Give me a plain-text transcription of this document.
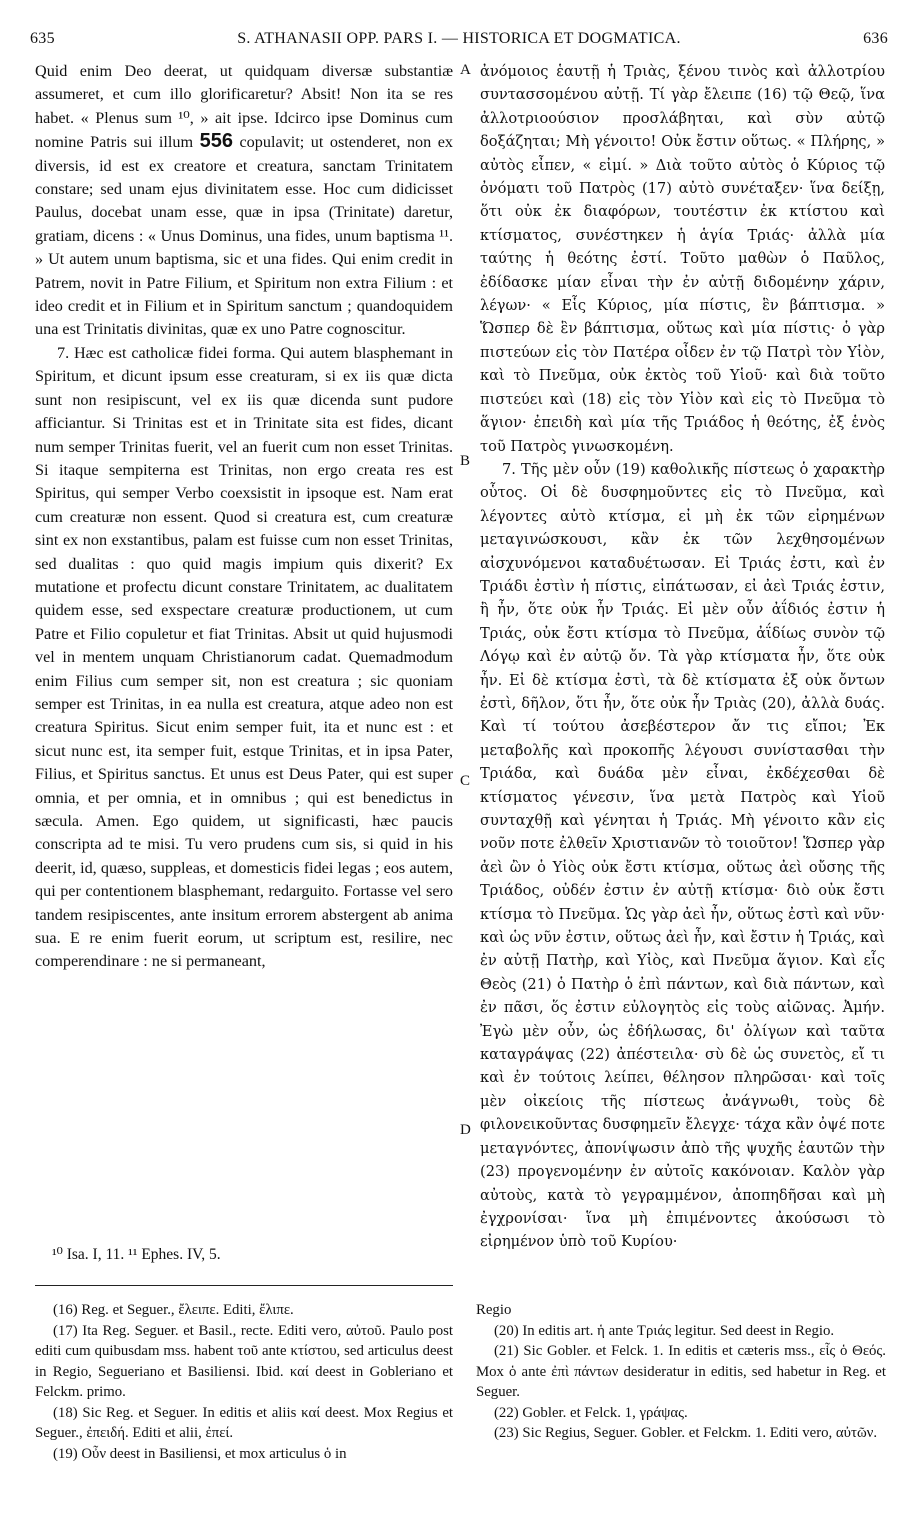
635	S. ATHANASII OPP. PARS I. — HISTORICA ET DOGMATICA.	636

Quid enim Deo deerat, ut quidquam diversæ substantiæ assumeret, et cum illo glorificaretur? Absit! Non ita se res habet. « Plenus sum ¹⁰, » ait ipse. Idcirco ipse Dominus cum nomine Patris sui illum 556 copulavit; ut ostenderet, non ex diversis, id est ex creatore et creatura, sanctam Trinitatem constare; sed unam ejus divinitatem esse. Hoc cum didicisset Paulus, docebat unam esse, quæ in ipsa (Trinitate) daretur, gratiam, dicens : « Unus Dominus, una fides, unum baptisma ¹¹. » Ut autem unum baptisma, sic et una fides. Qui enim credit in Patrem, novit in Patre Filium, et Spiritum non extra Filium : et ideo credit et in Filium et in Spiritum sanctum ; quandoquidem una est Trinitatis divinitas, quæ ex uno Patre cognoscitur.

7. Hæc est catholicæ fidei forma. Qui autem blasphemant in Spiritum, et dicunt ipsum esse creaturam, si ex iis quæ dicta sunt non resipiscunt, vel ex iis quæ dicenda sunt pudore afficiantur. Si Trinitas est et in Trinitate sita est fides, dicant num semper Trinitas fuerit, vel an fuerit cum non esset Trinitas. Si itaque sempiterna est Trinitas, non ergo creata res est Spiritus, qui semper Verbo coexsistit in ipsoque est. Nam erat cum creaturæ non essent. Quod si creatura est, cum creaturæ sint ex non exstantibus, palam est fuisse cum non esset Trinitas, sed dualitas : quo quid magis impium quis dixerit? Ex mutatione et profectu dicunt constare Trinitatem, ac dualitatem quidem esse, sed exspectare creaturæ productionem, ut cum Patre et Filio copuletur et fiat Trinitas. Absit ut quid hujusmodi vel in mentem unquam Christianorum cadat. Quemadmodum enim Filius cum semper sit, non est creatura ; sic quoniam semper est Trinitas, in ea nulla est creatura, atque adeo non est creatura Spiritus. Sicut enim semper fuit, ita et nunc est : et sicut nunc est, ita semper fuit, estque Trinitas, et in ipsa Pater, Filius, et Spiritus sanctus. Et unus est Deus Pater, qui est super omnia, et per omnia, et in omnibus ; qui est benedictus in sæcula. Amen. Ego quidem, ut significasti, hæc paucis conscripta ad te misi. Tu vero prudens cum sis, si quid in his deerit, id, quæso, suppleas, et domesticis fidei legas ; eos autem, qui per contentionem blasphemant, redarguito. Fortasse vel sero tandem resipiscentes, ante insitum errorem abstergent ab anima sua. E re enim fuerit eorum, ut scriptum est, resilire, nec comperendinare : ne si permaneant,

A
B
C
D

ἀνόμοιος ἑαυτῇ ἡ Τριὰς, ξένου τινὸς καὶ ἀλλοτρίου συντασσομένου αὐτῇ. Τί γὰρ ἔλειπε (16) τῷ Θεῷ, ἵνα ἀλλοτριοούσιον προσλάβηται, καὶ σὺν αὐτῷ δοξάζηται; Μὴ γένοιτο! Οὐκ ἔστιν οὕτως. « Πλήρης, » αὐτὸς εἶπεν, « εἰμί. » Διὰ τοῦτο αὐτὸς ὁ Κύριος τῷ ὀνόματι τοῦ Πατρὸς (17) αὐτὸ συνέταξεν· ἵνα δείξῃ, ὅτι οὐκ ἐκ διαφόρων, τουτέστιν ἐκ κτίστου καὶ κτίσματος, συνέστηκεν ἡ ἁγία Τριάς· ἀλλὰ μία ταύτης ἡ θεότης ἐστί. Τοῦτο μαθὼν ὁ Παῦλος, ἐδίδασκε μίαν εἶναι τὴν ἐν αὐτῇ διδομένην χάριν, λέγων· « Εἷς Κύριος, μία πίστις, ἓν βάπτισμα. » Ὥσπερ δὲ ἓν βάπτισμα, οὕτως καὶ μία πίστις· ὁ γὰρ πιστεύων εἰς τὸν Πατέρα οἶδεν ἐν τῷ Πατρὶ τὸν Υἱὸν, καὶ τὸ Πνεῦμα, οὐκ ἐκτὸς τοῦ Υἱοῦ· καὶ διὰ τοῦτο πιστεύει καὶ (18) εἰς τὸν Υἱὸν καὶ εἰς τὸ Πνεῦμα τὸ ἅγιον· ἐπειδὴ καὶ μία τῆς Τριάδος ἡ θεότης, ἐξ ἑνὸς τοῦ Πατρὸς γινωσκομένη.

7. Τῆς μὲν οὖν (19) καθολικῆς πίστεως ὁ χαρακτὴρ οὗτος. Οἱ δὲ δυσφημοῦντες εἰς τὸ Πνεῦμα, καὶ λέγοντες αὐτὸ κτίσμα, εἰ μὴ ἐκ τῶν εἰρημένων μεταγινώσκουσι, κἂν ἐκ τῶν λεχθησομένων αἰσχυνόμενοι καταδυέτωσαν. Εἰ Τριάς ἐστι, καὶ ἐν Τριάδι ἐστὶν ἡ πίστις, εἰπάτωσαν, εἰ ἀεὶ Τριάς ἐστιν, ἢ ἦν, ὅτε οὐκ ἦν Τριάς. Εἰ μὲν οὖν ἀΐδιός ἐστιν ἡ Τριάς, οὐκ ἔστι κτίσμα τὸ Πνεῦμα, ἀΐδίως συνὸν τῷ Λόγῳ καὶ ἐν αὐτῷ ὄν. Τὰ γὰρ κτίσματα ἦν, ὅτε οὐκ ἦν. Εἰ δὲ κτίσμα ἐστὶ, τὰ δὲ κτίσματα ἐξ οὐκ ὄντων ἐστὶ, δῆλον, ὅτι ἦν, ὅτε οὐκ ἦν Τριὰς (20), ἀλλὰ δυάς. Καὶ τί τούτου ἀσεβέστερον ἄν τις εἴποι; Ἐκ μεταβολῆς καὶ προκοπῆς λέγουσι συνίστασθαι τὴν Τριάδα, καὶ δυάδα μὲν εἶναι, ἐκδέχεσθαι δὲ κτίσματος γένεσιν, ἵνα μετὰ Πατρὸς καὶ Υἱοῦ συνταχθῇ καὶ γένηται ἡ Τριάς. Μὴ γένοιτο κἂν εἰς νοῦν ποτε ἐλθεῖν Χριστιανῶν τὸ τοιοῦτον! Ὥσπερ γὰρ ἀεὶ ὢν ὁ Υἱὸς οὐκ ἔστι κτίσμα, οὕτως ἀεὶ οὔσης τῆς Τριάδος, οὐδέν ἐστιν ἐν αὐτῇ κτίσμα· διὸ οὐκ ἔστι κτίσμα τὸ Πνεῦμα. Ὡς γὰρ ἀεὶ ἦν, οὕτως ἐστὶ καὶ νῦν· καὶ ὡς νῦν ἐστιν, οὕτως ἀεὶ ἦν, καὶ ἔστιν ἡ Τριάς, καὶ ἐν αὐτῇ Πατὴρ, καὶ Υἱὸς, καὶ Πνεῦμα ἅγιον. Καὶ εἷς Θεὸς (21) ὁ Πατὴρ ὁ ἐπὶ πάντων, καὶ διὰ πάντων, καὶ ἐν πᾶσι, ὅς ἐστιν εὐλογητὸς εἰς τοὺς αἰῶνας. Ἀμήν. Ἐγὼ μὲν οὖν, ὡς ἐδήλωσας, δι' ὀλίγων καὶ ταῦτα καταγράψας (22) ἀπέστειλα· σὺ δὲ ὡς συνετὸς, εἴ τι καὶ ἐν τούτοις λείπει, θέλησον πληρῶσαι· καὶ τοῖς μὲν οἰκείοις τῆς πίστεως ἀνάγνωθι, τοὺς δὲ φιλονεικοῦντας δυσφημεῖν ἔλεγχε· τάχα κἂν ὀψέ ποτε μεταγνόντες, ἀπονίψωσιν ἀπὸ τῆς ψυχῆς ἑαυτῶν τὴν (23) προγενομένην ἐν αὐτοῖς κακόνοιαν. Καλὸν γὰρ αὐτοὺς, κατὰ τὸ γεγραμμένον, ἀποπηδῆσαι καὶ μὴ ἐγχρονίσαι· ἵνα μὴ ἐπιμένοντες ἀκούσωσι τὸ εἰρημένον ὑπὸ τοῦ Κυρίου·

¹⁰ Isa. I, 11. ¹¹ Ephes. IV, 5.

(16) Reg. et Seguer., ἔλειπε. Editi, ἔλιπε.

(17) Ita Reg. Seguer. et Basil., recte. Editi vero, αὐτοῦ. Paulo post editi cum quibusdam mss. habent τοῦ ante κτίστου, sed articulus deest in Regio, Segueriano et Basiliensi. Ibid. καί deest in Gobleriano et Felckm. primo.

(18) Sic Reg. et Seguer. In editis et aliis καί deest. Mox Regius et Seguer., ἐπειδή. Editi et alii, ἐπεί.

(19) Οὖν deest in Basiliensi, et mox articulus ὁ in

Regio

(20) In editis art. ἡ ante Τριάς legitur. Sed deest in Regio.

(21) Sic Gobler. et Felck. 1. In editis et cæteris mss., εἷς ὁ Θεός. Mox ὁ ante ἐπὶ πάντων desideratur in editis, sed habetur in Reg. et Seguer.

(22) Gobler. et Felck. 1, γράψας.

(23) Sic Regius, Seguer. Gobler. et Felckm. 1. Editi vero, αὐτῶν.
